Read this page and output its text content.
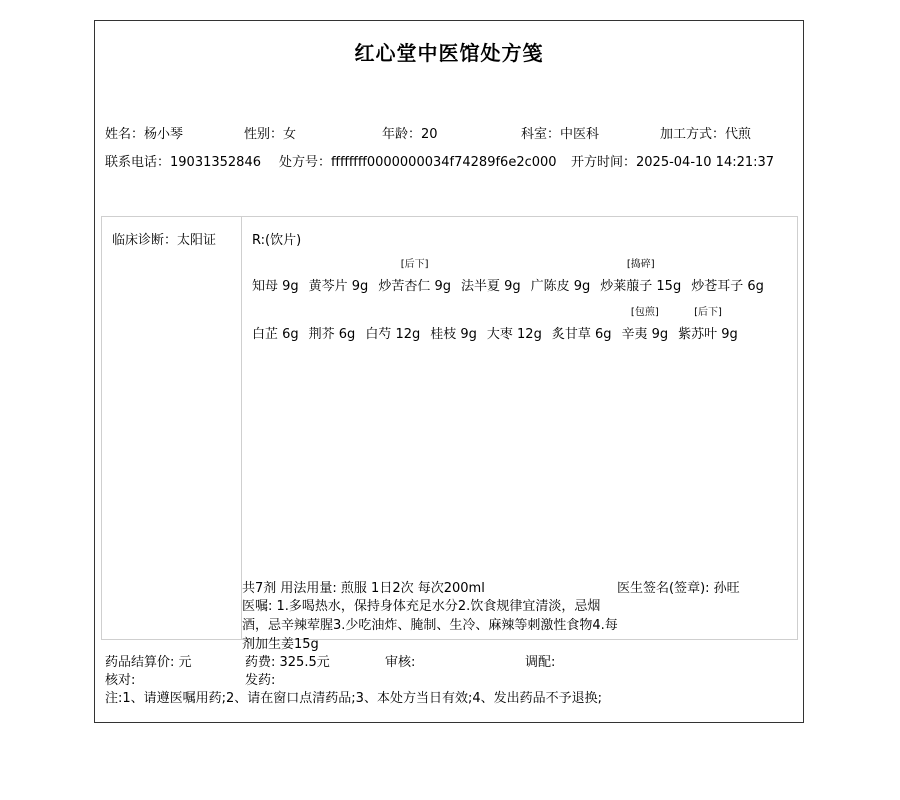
红心堂中医馆处方笺
姓名：杨小琴	性别：女	年龄：20	科室：中医科	加工方式：代煎
联系电话：19031352846 处方号：ffffffff0000000034f74289f6e2c000 开方时间：2025-04-10 14:21:37
临床诊断：太阳证	R:(饮片)
知母 9g 黄芩片 9g
[后下]
炒苦杏仁 9g 法半夏 9g 广陈皮 9g
[捣碎]
炒莱菔子 15g 炒苍耳子 6g
白芷 6g 荆芥 6g 白芍 12g 桂枝 9g 大枣 12g 炙甘草 6g
[包煎]
辛夷 9g
[后下]
紫苏叶 9g
共7剂 用法用量: 煎服 1日2次 每次200ml	医生签名(签章): 孙旺
医嘱: 1.多喝热水，保持身体充足水分2.饮食规律宜清淡，忌烟酒，忌辛辣荤腥3.少吃油炸、腌制、生冷、麻辣等刺激性食物4.每剂加生姜15g
药品结算价: 元	药费: 325.5元	审核:	调配:
核对:	发药:
注:1、请遵医嘱用药;2、请在窗口点清药品;3、本处方当日有效;4、发出药品不予退换;
